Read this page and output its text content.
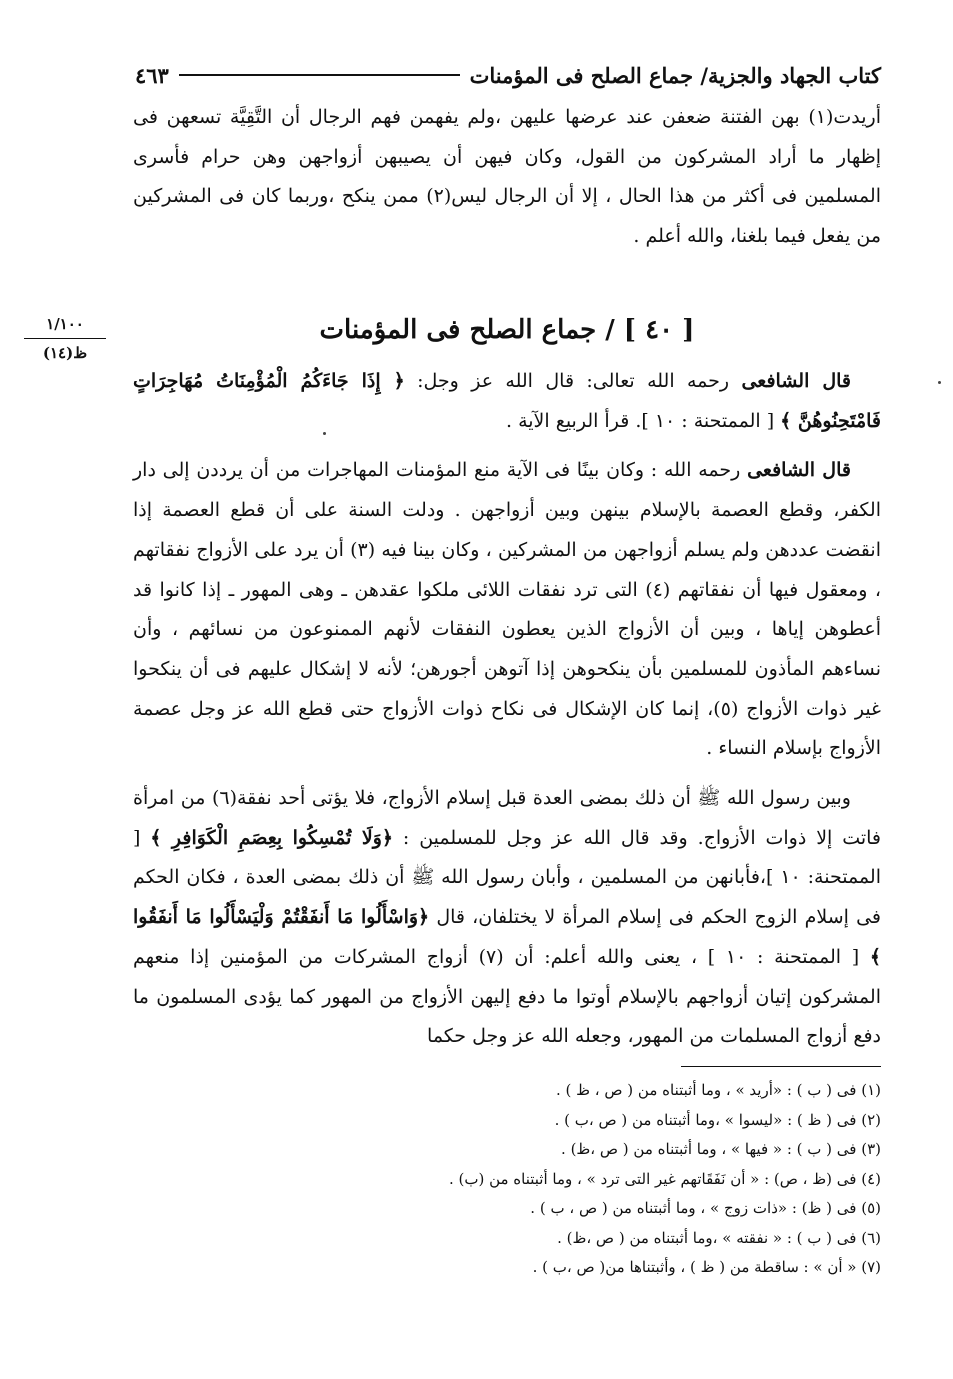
كتاب الجهاد والجزية/ جماع الصلح فى المؤمنات
٤٦٣

أريدت(١) بهن الفتنة ضعفن عند عرضها عليهن ،ولم يفهمن فهم الرجال أن التَّقِيَّة تسعهن فى إظهار ما أراد المشركون من القول، وكان فيهن أن يصيبهن أزواجهن وهن حرام فأسرى المسلمين فى أكثر من هذا الحال ، إلا أن الرجال ليس(٢) ممن ينكح ،وربما كان فى المشركين من يفعل فيما بلغنا، والله أعلم .

١/١٠٠
ظ(١٤)
[ ٤٠ ] / جماع الصلح فى المؤمنات

قال الشافعى رحمه الله تعالى: قال الله عز وجل: ﴿ إِذَا جَاءَكُمُ الْمُؤْمِنَاتُ مُهَاجِرَاتٍ فَامْتَحِنُوهُنَّ ﴾ [ الممتحنة : ١٠ ]. قرأ الربيع الآية .

قال الشافعى رحمه الله : وكان بينًا فى الآية منع المؤمنات المهاجرات من أن يرددن إلى دار الكفر، وقطع العصمة بالإسلام بينهن وبين أزواجهن . ودلت السنة على أن قطع العصمة إذا انقضت عددهن ولم يسلم أزواجهن من المشركين ، وكان بينا فيه (٣) أن يرد على الأزواج نفقاتهم ، ومعقول فيها أن نفقاتهم (٤) التى ترد نفقات اللائى ملكوا عقدهن ـ وهى المهور ـ إذا كانوا قد أعطوهن إياها ، وبين أن الأزواج الذين يعطون النفقات لأنهم الممنوعون من نسائهم ، وأن نساءهم المأذون للمسلمين بأن ينكحوهن إذا آتوهن أجورهن؛ لأنه لا إشكال عليهم فى أن ينكحوا غير ذوات الأزواج (٥)، إنما كان الإشكال فى نكاح ذوات الأزواج حتى قطع الله عز وجل عصمة الأزواج بإسلام النساء .

وبين رسول الله ﷺ أن ذلك بمضى العدة قبل إسلام الأزواج، فلا يؤتى أحد نفقة(٦) من امرأة فاتت إلا ذوات الأزواج. وقد قال الله عز وجل للمسلمين : ﴿وَلَا تُمْسِكُوا بِعِصَمِ الْكَوَافِرِ ﴾ [ الممتحنة: ١٠ ]،فأبانهن من المسلمين ، وأبان رسول الله ﷺ أن ذلك بمضى العدة ، فكان الحكم فى إسلام الزوج الحكم فى إسلام المرأة لا يختلفان، قال ﴿وَاسْأَلُوا مَا أَنفَقْتُمْ وَلْيَسْأَلُوا مَا أَنفَقُوا ﴾ [ الممتحنة : ١٠ ] ، يعنى والله أعلم: أن (٧) أزواج المشركات من المؤمنين إذا منعهم المشركون إتيان أزواجهم بالإسلام أوتوا ما دفع إليهن الأزواج من المهور كما يؤدى المسلمون ما دفع أزواج المسلمات من المهور، وجعله الله عز وجل حكما

(١) فى ( ب ) : «أريد » ، وما أثبتناه من ( ص ، ظ ) .
(٢) فى ( ظ ) : «ليسوا » ،وما أثبتناه من ( ص ،ب ) .
(٣) فى ( ب ) : « فيها » ، وما أثبتناه من ( ص ،ظ) .
(٤) فى (ظ ، ص) : « أن نَفَقَاتهم غير التى ترد » ، وما أثبتناه من (ب) .
(٥) فى ( ظ) : «ذات زوج » ، وما أثبتناه من ( ص ، ب ) .
(٦) فى ( ب ) : « نفقته » ،وما أثبتناه من ( ص ،ظ) .
(٧) « أن » : ساقطة من ( ظ ) ، وأثبتناها من( ص ،ب ) .
